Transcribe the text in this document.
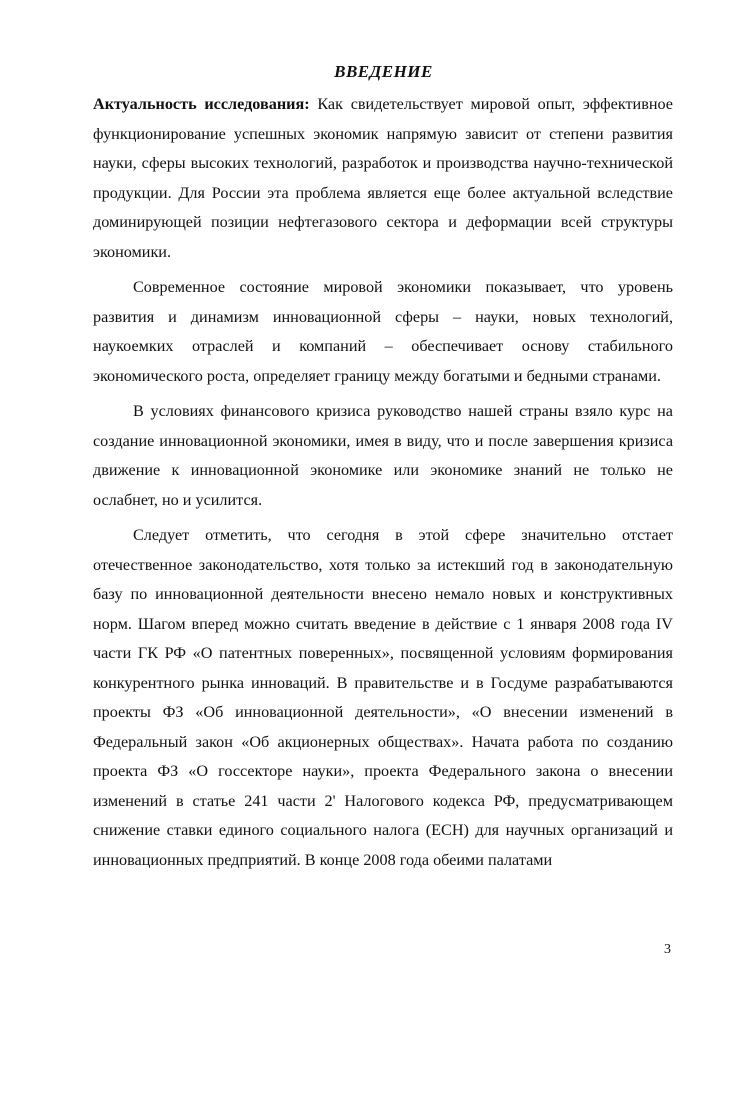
ВВЕДЕНИЕ

Актуальность исследования: Как свидетельствует мировой опыт, эффективное функционирование успешных экономик напрямую зависит от степени развития науки, сферы высоких технологий, разработок и производства научно-технической продукции. Для России эта проблема является еще более актуальной вследствие доминирующей позиции нефтегазового сектора и деформации всей структуры экономики.

Современное состояние мировой экономики показывает, что уровень развития и динамизм инновационной сферы – науки, новых технологий, наукоемких отраслей и компаний – обеспечивает основу стабильного экономического роста, определяет границу между богатыми и бедными странами.

В условиях финансового кризиса руководство нашей страны взяло курс на создание инновационной экономики, имея в виду, что и после завершения кризиса движение к инновационной экономике или экономике знаний не только не ослабнет, но и усилится.

Следует отметить, что сегодня в этой сфере значительно отстает отечественное законодательство, хотя только за истекший год в законодательную базу по инновационной деятельности внесено немало новых и конструктивных норм. Шагом вперед можно считать введение в действие с 1 января 2008 года IV части ГК РФ «О патентных поверенных», посвященной условиям формирования конкурентного рынка инноваций. В правительстве и в Госдуме разрабатываются проекты ФЗ «Об инновационной деятельности», «О внесении изменений в Федеральный закон «Об акционерных обществах». Начата работа по созданию проекта ФЗ «О госсекторе науки», проекта Федерального закона о внесении изменений в статье 241 части 2' Налогового кодекса РФ, предусматривающем снижение ставки единого социального налога (ЕСН) для научных организаций и инновационных предприятий. В конце 2008 года обеими палатами

3
